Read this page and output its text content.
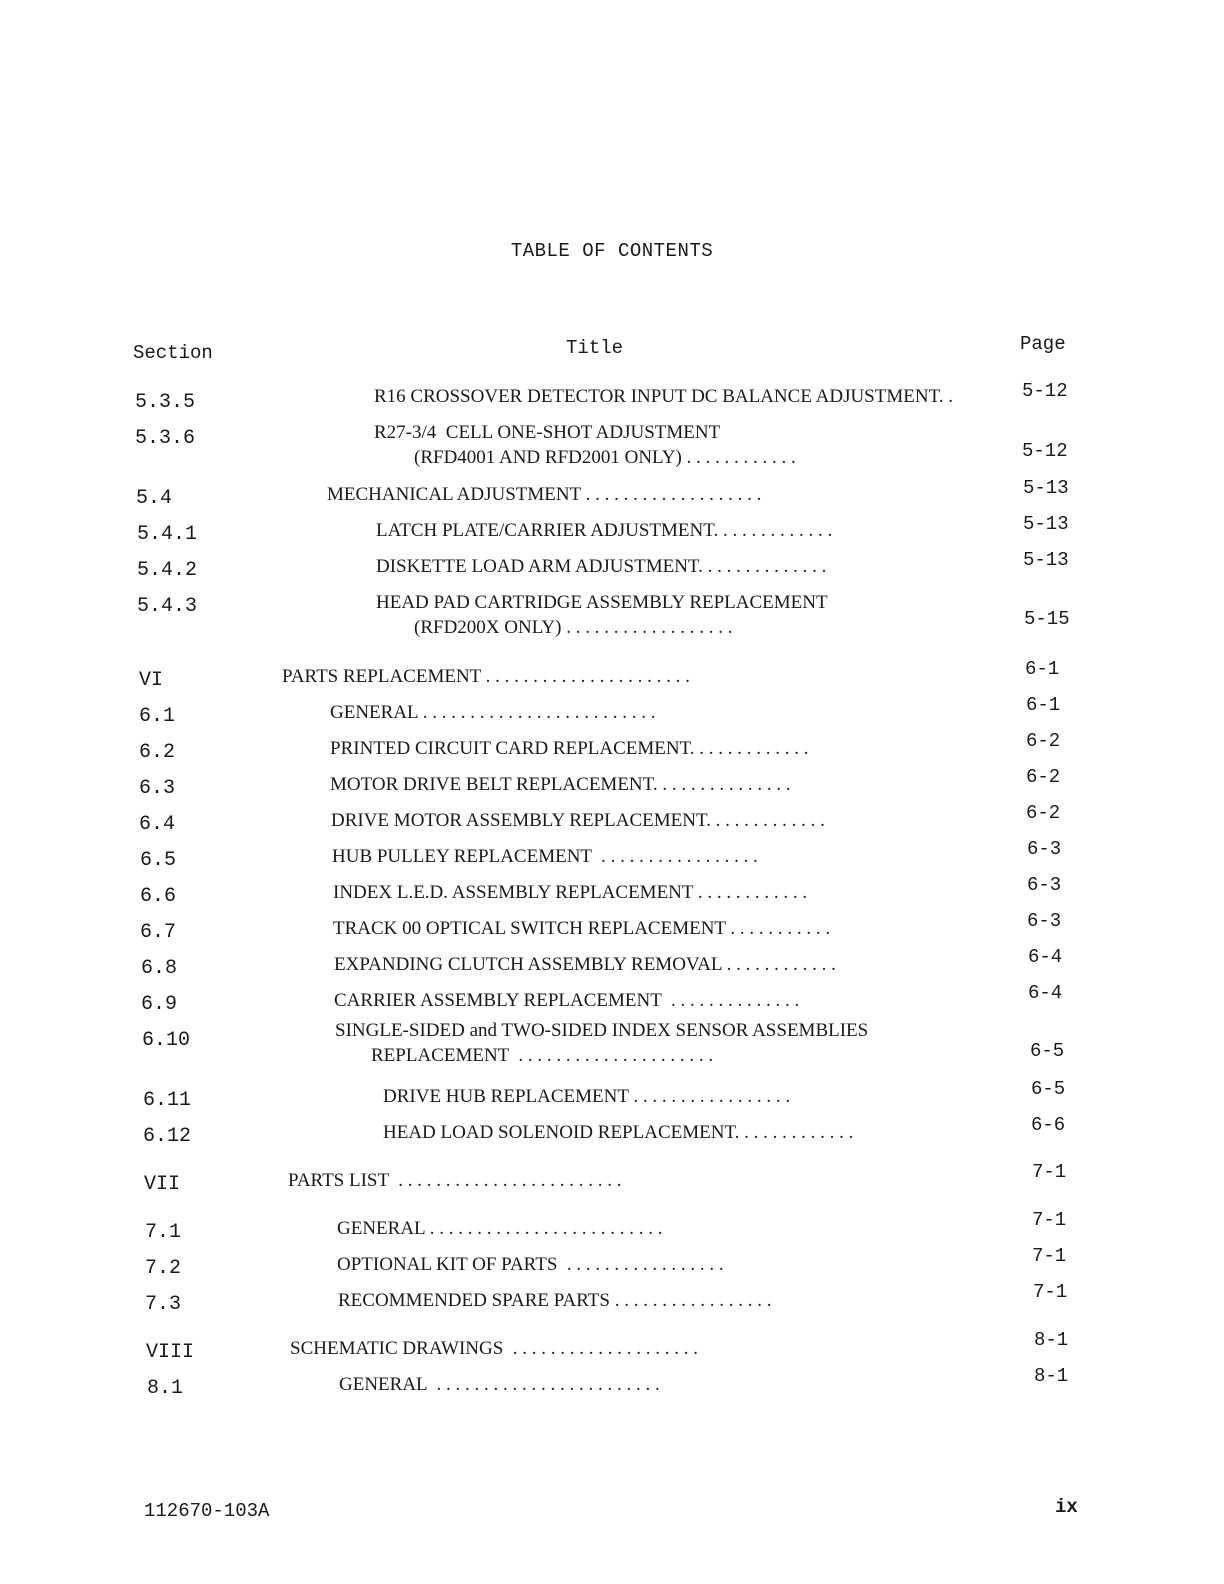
TABLE OF CONTENTS
Section	Title	Page
5.3.5	R16 CROSSOVER DETECTOR INPUT DC BALANCE ADJUSTMENT. .	5-12
5.3.6	R27-3/4  CELL ONE-SHOT ADJUSTMENT
(RFD4001 AND RFD2001 ONLY) . . . . . . . . . . . .	5-12
5.4	MECHANICAL ADJUSTMENT . . . . . . . . . . . . . . . . . . .	5-13
5.4.1	LATCH PLATE/CARRIER ADJUSTMENT. . . . . . . . . . . . .	5-13
5.4.2	DISKETTE LOAD ARM ADJUSTMENT. . . . . . . . . . . . . .	5-13
5.4.3	HEAD PAD CARTRIDGE ASSEMBLY REPLACEMENT
(RFD200X ONLY) . . . . . . . . . . . . . . . . . .	5-15
VI	PARTS REPLACEMENT . . . . . . . . . . . . . . . . . . . . . .	6-1
6.1	GENERAL . . . . . . . . . . . . . . . . . . . . . . . . .	6-1
6.2	PRINTED CIRCUIT CARD REPLACEMENT. . . . . . . . . . . . .	6-2
6.3	MOTOR DRIVE BELT REPLACEMENT. . . . . . . . . . . . . . .	6-2
6.4	DRIVE MOTOR ASSEMBLY REPLACEMENT. . . . . . . . . . . . .	6-2
6.5	HUB PULLEY REPLACEMENT  . . . . . . . . . . . . . . . . .	6-3
6.6	INDEX L.E.D. ASSEMBLY REPLACEMENT . . . . . . . . . . . .	6-3
6.7	TRACK 00 OPTICAL SWITCH REPLACEMENT . . . . . . . . . . .	6-3
6.8	EXPANDING CLUTCH ASSEMBLY REMOVAL . . . . . . . . . . . .	6-4
6.9	CARRIER ASSEMBLY REPLACEMENT  . . . . . . . . . . . . . .	6-4
6.10	SINGLE-SIDED and TWO-SIDED INDEX SENSOR ASSEMBLIES
REPLACEMENT  . . . . . . . . . . . . . . . . . . . . .	6-5
6.11	DRIVE HUB REPLACEMENT . . . . . . . . . . . . . . . . .	6-5
6.12	HEAD LOAD SOLENOID REPLACEMENT. . . . . . . . . . . . .	6-6
VII	PARTS LIST  . . . . . . . . . . . . . . . . . . . . . . . .	7-1
7.1	GENERAL . . . . . . . . . . . . . . . . . . . . . . . . .	7-1
7.2	OPTIONAL KIT OF PARTS  . . . . . . . . . . . . . . . . .	7-1
7.3	RECOMMENDED SPARE PARTS . . . . . . . . . . . . . . . . .	7-1
VIII	SCHEMATIC DRAWINGS  . . . . . . . . . . . . . . . . . . . .	8-1
8.1	GENERAL  . . . . . . . . . . . . . . . . . . . . . . . .	8-1
112670-103A	ix
